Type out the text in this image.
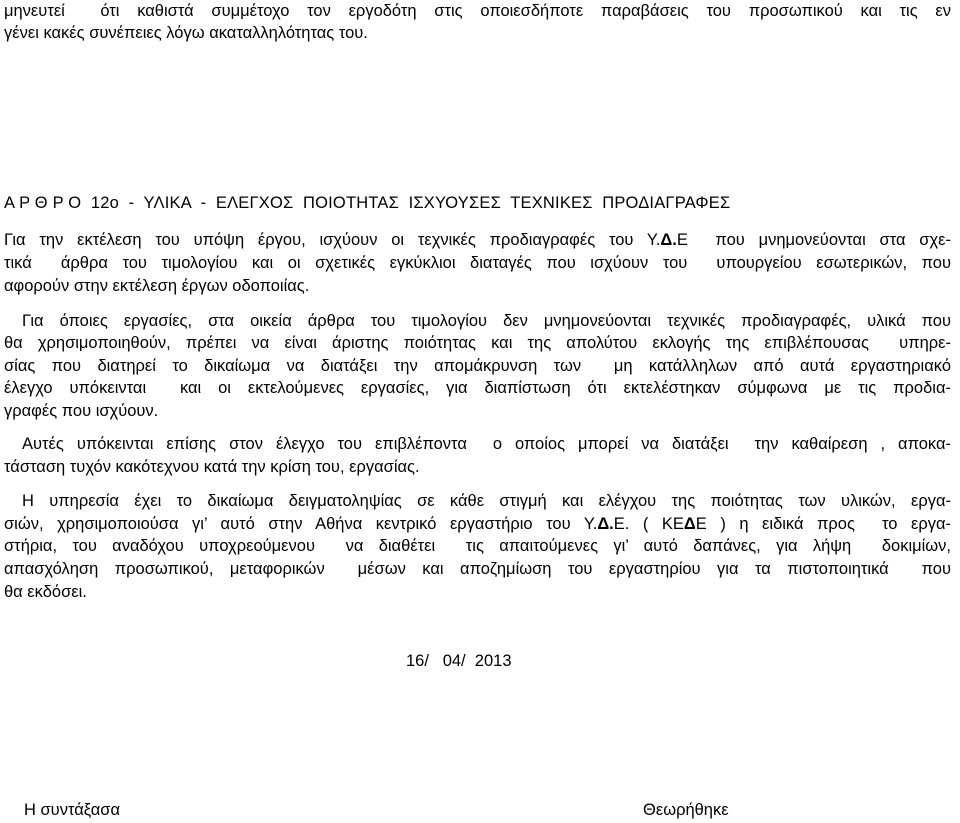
μηνευτεί  ότι καθιστά συμμέτοχο τον εργοδότη στις οποιεσδήποτε παραβάσεις του προσωπικού και τις εν
γένει κακές συνέπειες λόγω ακαταλληλότητας του.
Α Ρ Θ Ρ Ο  12ο  -  ΥΛΙΚΑ  -  ΕΛΕΓΧΟΣ  ΠΟΙΟΤΗΤΑΣ  ΙΣΧΥΟΥΣΕΣ  ΤΕΧΝΙΚΕΣ  ΠΡΟΔΙΑΓΡΑΦΕΣ
Για την εκτέλεση του υπόψη έργου, ισχύουν οι τεχνικές προδιαγραφές του Υ.Δ.Ε  που μνημονεύονται στα σχε-
τικά  άρθρα του τιμολογίου και οι σχετικές εγκύκλιοι διαταγές που ισχύουν του  υπουργείου εσωτερικών, που
αφορούν στην εκτέλεση έργων οδοποιίας.
Για όποιες εργασίες, στα οικεία άρθρα του τιμολογίου δεν μνημονεύονται τεχνικές προδιαγραφές, υλικά που
θα χρησιμοποιηθούν, πρέπει να είναι άριστης ποιότητας και της απολύτου εκλογής της επιβλέπουσας  υπηρε-
σίας που διατηρεί το δικαίωμα να διατάξει την απομάκρυνση των  μη κατάλληλων από αυτά εργαστηριακό
έλεγχο υπόκεινται  και οι εκτελούμενες εργασίες, για διαπίστωση ότι εκτελέστηκαν σύμφωνα με τις προδια-
γραφές που ισχύουν.
Αυτές υπόκεινται επίσης στον έλεγχο του επιβλέποντα  ο οποίος μπορεί να διατάξει  την καθαίρεση , αποκα-
τάσταση τυχόν κακότεχνου κατά την κρίση του, εργασίας.
Η υπηρεσία έχει το δικαίωμα δειγματοληψίας σε κάθε στιγμή και ελέγχου της ποιότητας των υλικών, εργα-
σιών, χρησιμοποιούσα γι’ αυτό στην Αθήνα κεντρικό εργαστήριο του Υ.Δ.Ε. ( ΚΕΔΕ ) η ειδικά προς  το εργα-
στήρια, του αναδόχου υποχρεούμενου  να διαθέτει  τις απαιτούμενες γι’ αυτό δαπάνες, για λήψη  δοκιμίων,
απασχόληση προσωπικού, μεταφορικών  μέσων και αποζημίωση του εργαστηρίου για τα πιστοποιητικά  που
θα εκδόσει.
16/   04/  2013
Η συντάξασα	Θεωρήθηκε
